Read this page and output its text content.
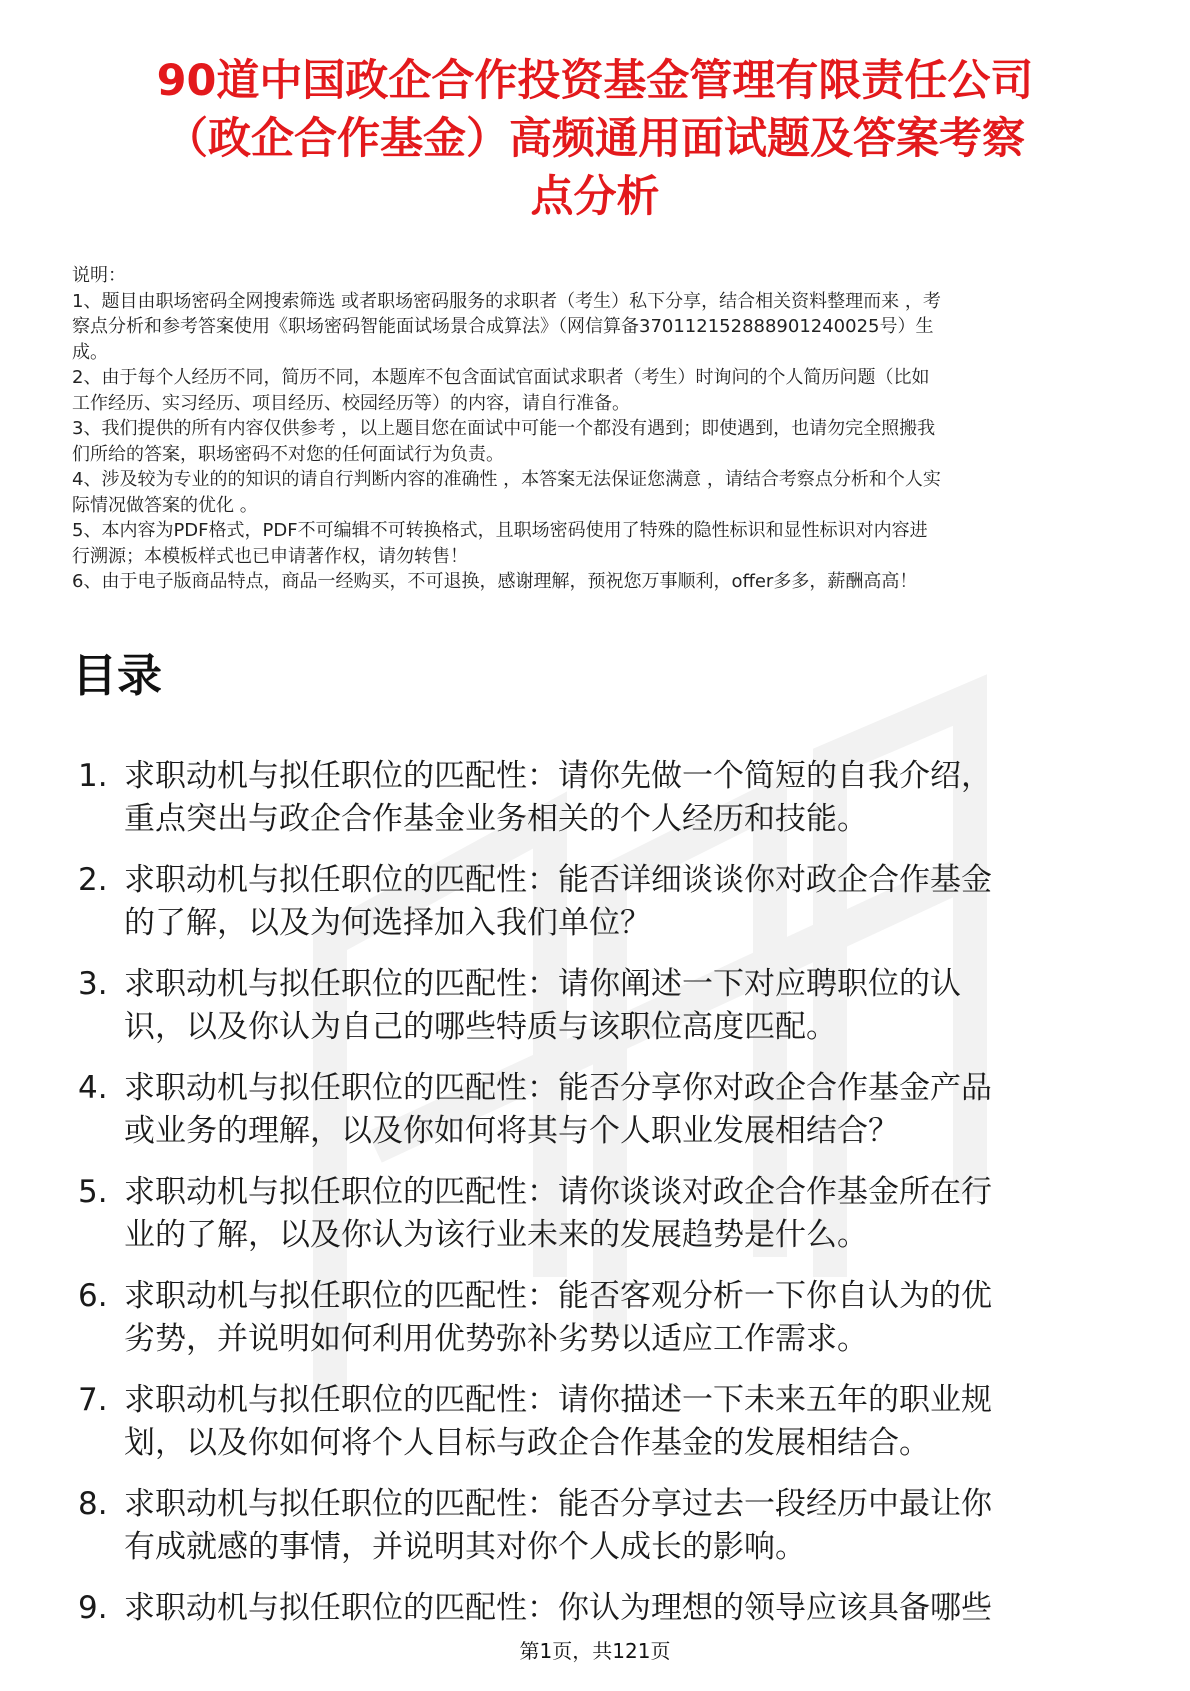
90道中国政企合作投资基金管理有限责任公司
（政企合作基金）高频通用面试题及答案考察
点分析
说明：
1、题目由职场密码全网搜索筛选 或者职场密码服务的求职者（考生）私下分享，结合相关资料整理而来 ，考
察点分析和参考答案使用《职场密码智能面试场景合成算法》（网信算备370112152888901240025号）生
成。
2、由于每个人经历不同，简历不同，本题库不包含面试官面试求职者（考生）时询问的个人简历问题（比如
工作经历、实习经历、项目经历、校园经历等）的内容，请自行准备。
3、我们提供的所有内容仅供参考 ，以上题目您在面试中可能一个都没有遇到；即使遇到，也请勿完全照搬我
们所给的答案，职场密码不对您的任何面试行为负责。
4、涉及较为专业的的知识的请自行判断内容的准确性 ，本答案无法保证您满意 ，请结合考察点分析和个人实
际情况做答案的优化 。
5、本内容为PDF格式，PDF不可编辑不可转换格式，且职场密码使用了特殊的隐性标识和显性标识对内容进
行溯源；本模板样式也已申请著作权，请勿转售！
6、由于电子版商品特点，商品一经购买，不可退换，感谢理解，预祝您万事顺利，offer多多，薪酬高高！
目录
1. 求职动机与拟任职位的匹配性：请你先做一个简短的自我介绍，
重点突出与政企合作基金业务相关的个人经历和技能。
2. 求职动机与拟任职位的匹配性：能否详细谈谈你对政企合作基金
的了解，以及为何选择加入我们单位？
3. 求职动机与拟任职位的匹配性：请你阐述一下对应聘职位的认
识，以及你认为自己的哪些特质与该职位高度匹配。
4. 求职动机与拟任职位的匹配性：能否分享你对政企合作基金产品
或业务的理解，以及你如何将其与个人职业发展相结合？
5. 求职动机与拟任职位的匹配性：请你谈谈对政企合作基金所在行
业的了解，以及你认为该行业未来的发展趋势是什么。
6. 求职动机与拟任职位的匹配性：能否客观分析一下你自认为的优
劣势，并说明如何利用优势弥补劣势以适应工作需求。
7. 求职动机与拟任职位的匹配性：请你描述一下未来五年的职业规
划，以及你如何将个人目标与政企合作基金的发展相结合。
8. 求职动机与拟任职位的匹配性：能否分享过去一段经历中最让你
有成就感的事情，并说明其对你个人成长的影响。
9. 求职动机与拟任职位的匹配性：你认为理想的领导应该具备哪些
第1页，共121页
